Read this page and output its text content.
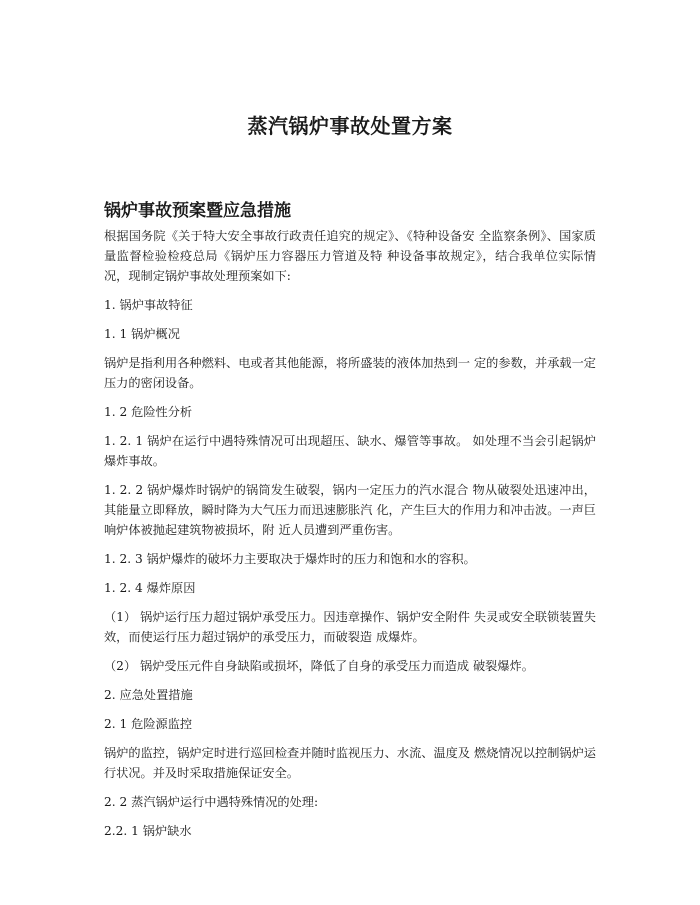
蒸汽锅炉事故处置方案
锅炉事故预案暨应急措施

根据国务院《关于特大安全事故行政责任追究的规定》、《特种设备安 全监察条例》、国家质量监督检验检疫总局《锅炉压力容器压力管道及特 种设备事故规定》，结合我单位实际情况，现制定锅炉事故处理预案如下:

1. 锅炉事故特征

1. 1 锅炉概况

锅炉是指利用各种燃料、电或者其他能源，将所盛装的液体加热到一 定的参数，并承载一定压力的密闭设备。

1. 2 危险性分析

1. 2. 1 锅炉在运行中遇特殊情况可出现超压、缺水、爆管等事故。 如处理不当会引起锅炉爆炸事故。

1. 2. 2 锅炉爆炸时锅炉的锅筒发生破裂，锅内一定压力的汽水混合 物从破裂处迅速冲出，其能量立即释放，瞬时降为大气压力而迅速膨胀汽 化，产生巨大的作用力和冲击波。一声巨响炉体被抛起建筑物被损坏，附 近人员遭到严重伤害。

1. 2. 3 锅炉爆炸的破坏力主要取决于爆炸时的压力和饱和水的容积。

1. 2. 4 爆炸原因

（1） 锅炉运行压力超过锅炉承受压力。因违章操作、锅炉安全附件 失灵或安全联锁装置失效，而使运行压力超过锅炉的承受压力，而破裂造 成爆炸。

（2） 锅炉受压元件自身缺陷或损坏，降低了自身的承受压力而造成 破裂爆炸。

2. 应急处置措施

2. 1 危险源监控

锅炉的监控，锅炉定时进行巡回检查并随时监视压力、水流、温度及 燃烧情况以控制锅炉运行状况。并及时采取措施保证安全。

2. 2 蒸汽锅炉运行中遇特殊情况的处理:

2.2. 1 锅炉缺水
